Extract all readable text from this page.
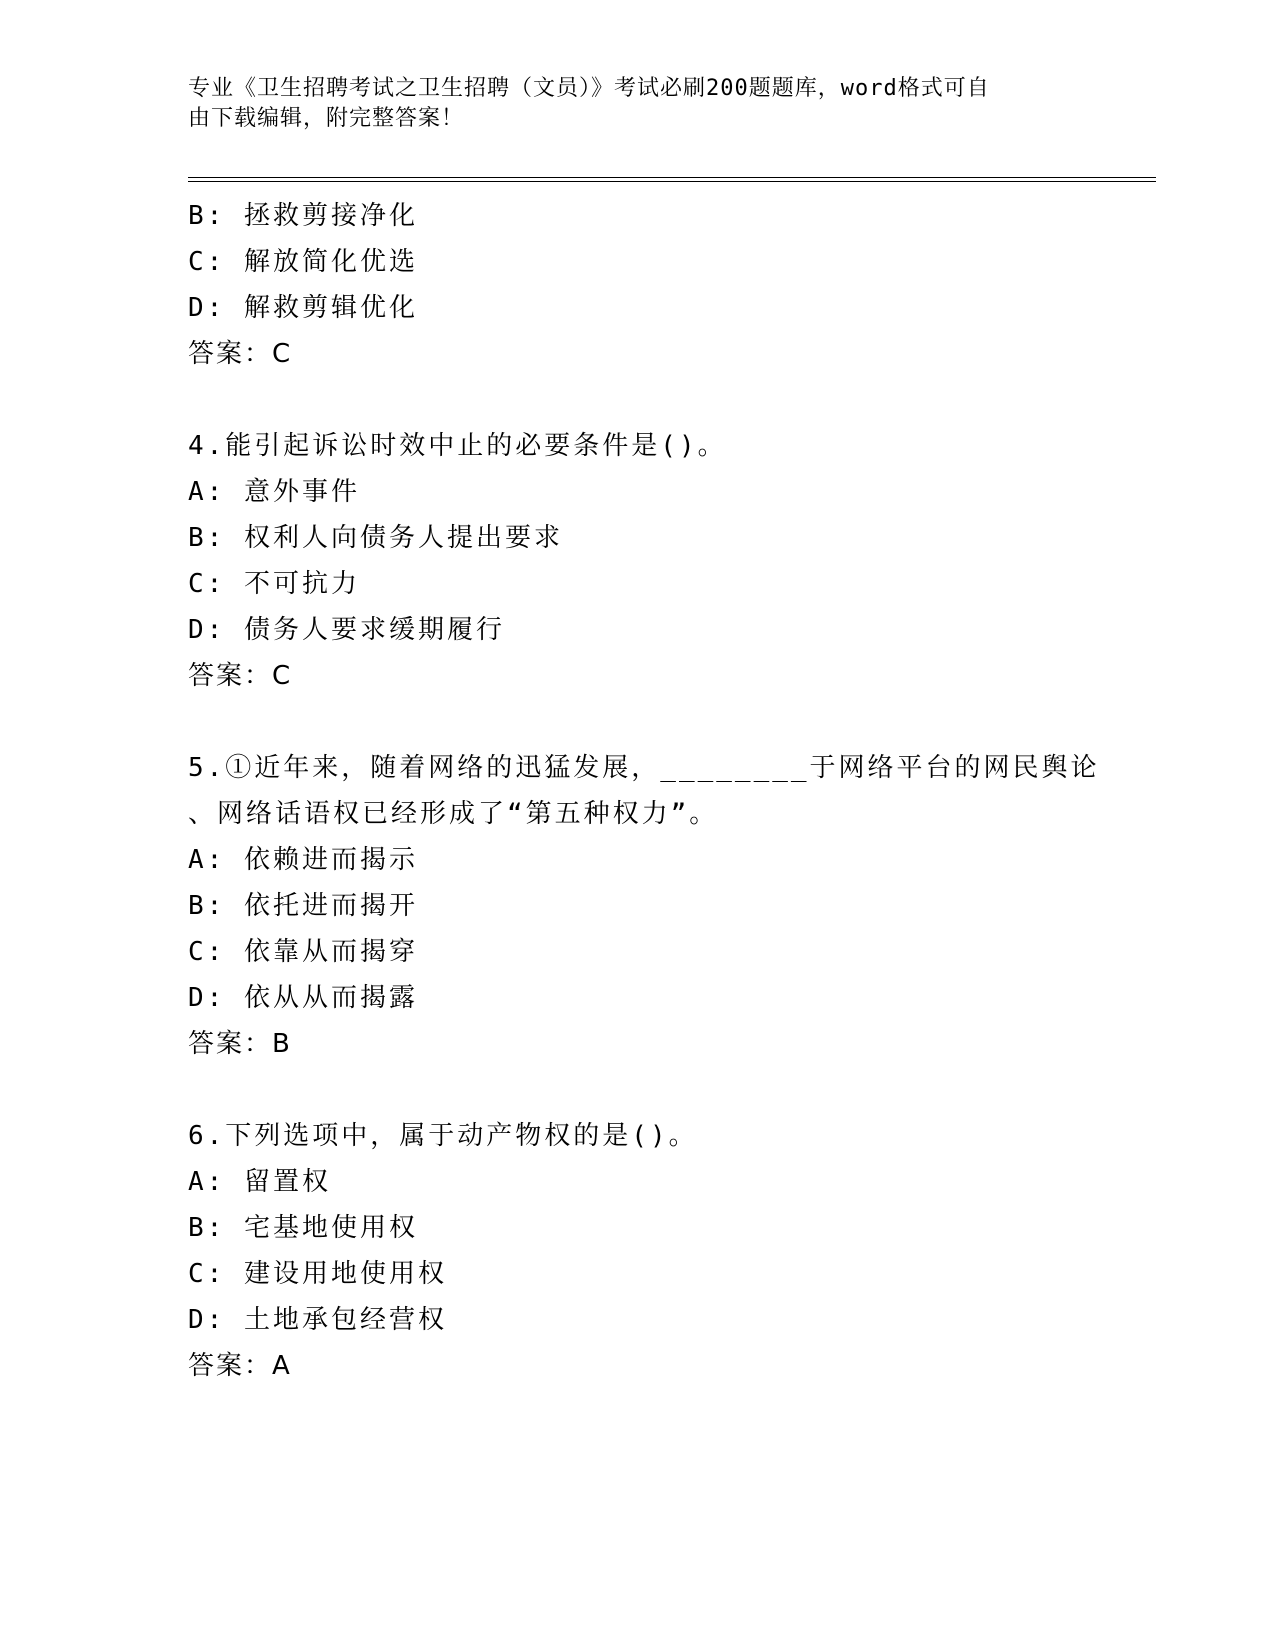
专业《卫生招聘考试之卫生招聘（文员）》考试必刷200题题库，word格式可自
由下载编辑，附完整答案！
B: 拯救剪接净化
C: 解放简化优选
D: 解救剪辑优化
答案：C
4.能引起诉讼时效中止的必要条件是()。
A: 意外事件
B: 权利人向债务人提出要求
C: 不可抗力
D: 债务人要求缓期履行
答案：C
5.①近年来，随着网络的迅猛发展，________于网络平台的网民舆论
、网络话语权已经形成了“第五种权力”。
A: 依赖进而揭示
B: 依托进而揭开
C: 依靠从而揭穿
D: 依从从而揭露
答案：B
6.下列选项中，属于动产物权的是()。
A: 留置权
B: 宅基地使用权
C: 建设用地使用权
D: 土地承包经营权
答案：A
